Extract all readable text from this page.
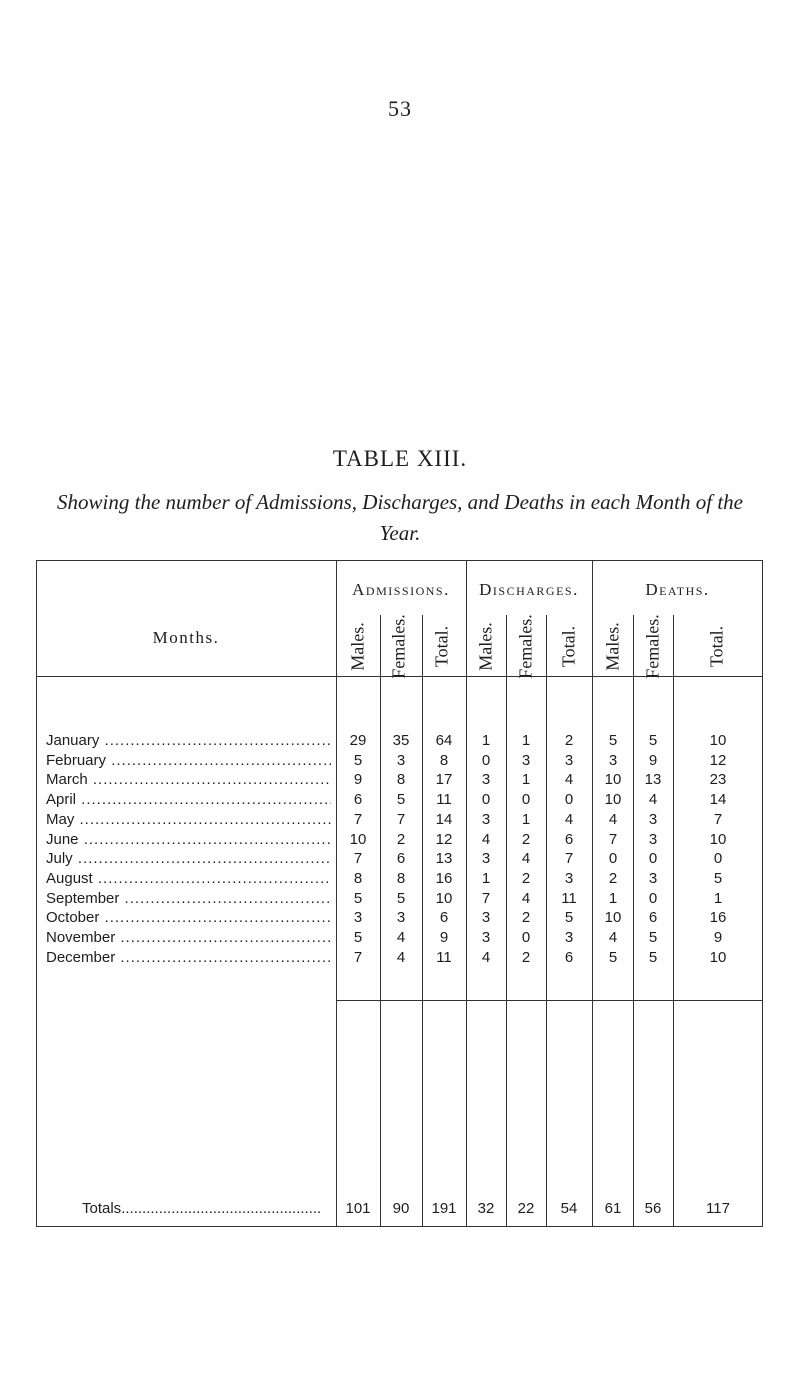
53
TABLE XIII.
Showing the number of Admissions, Discharges, and Deaths in each Month of the Year.
Months.
Admissions.	Discharges.	Deaths.
Males. Females. Total. Males. Females. Total. Males. Females. Total.
January .....	29	35	64	1	1	2	5	5	10
February .....	5	3	8	0	3	3	3	9	12
March .....	9	8	17	3	1	4	10	13	23
April .....	6	5	11	0	0	0	10	4	14
May .....	7	7	14	3	1	4	4	3	7
June .....	10	2	12	4	2	6	7	3	10
July .....	7	6	13	3	4	7	0	0	0
August .....	8	8	16	1	2	3	2	3	5
September .....	5	5	10	7	4	11	1	0	1
October .....	3	3	6	3	2	5	10	6	16
November .....	5	4	9	3	0	3	4	5	9
December .....	7	4	11	4	2	6	5	5	10
Totals .....	101	90	191	32	22	54	61	56	117
